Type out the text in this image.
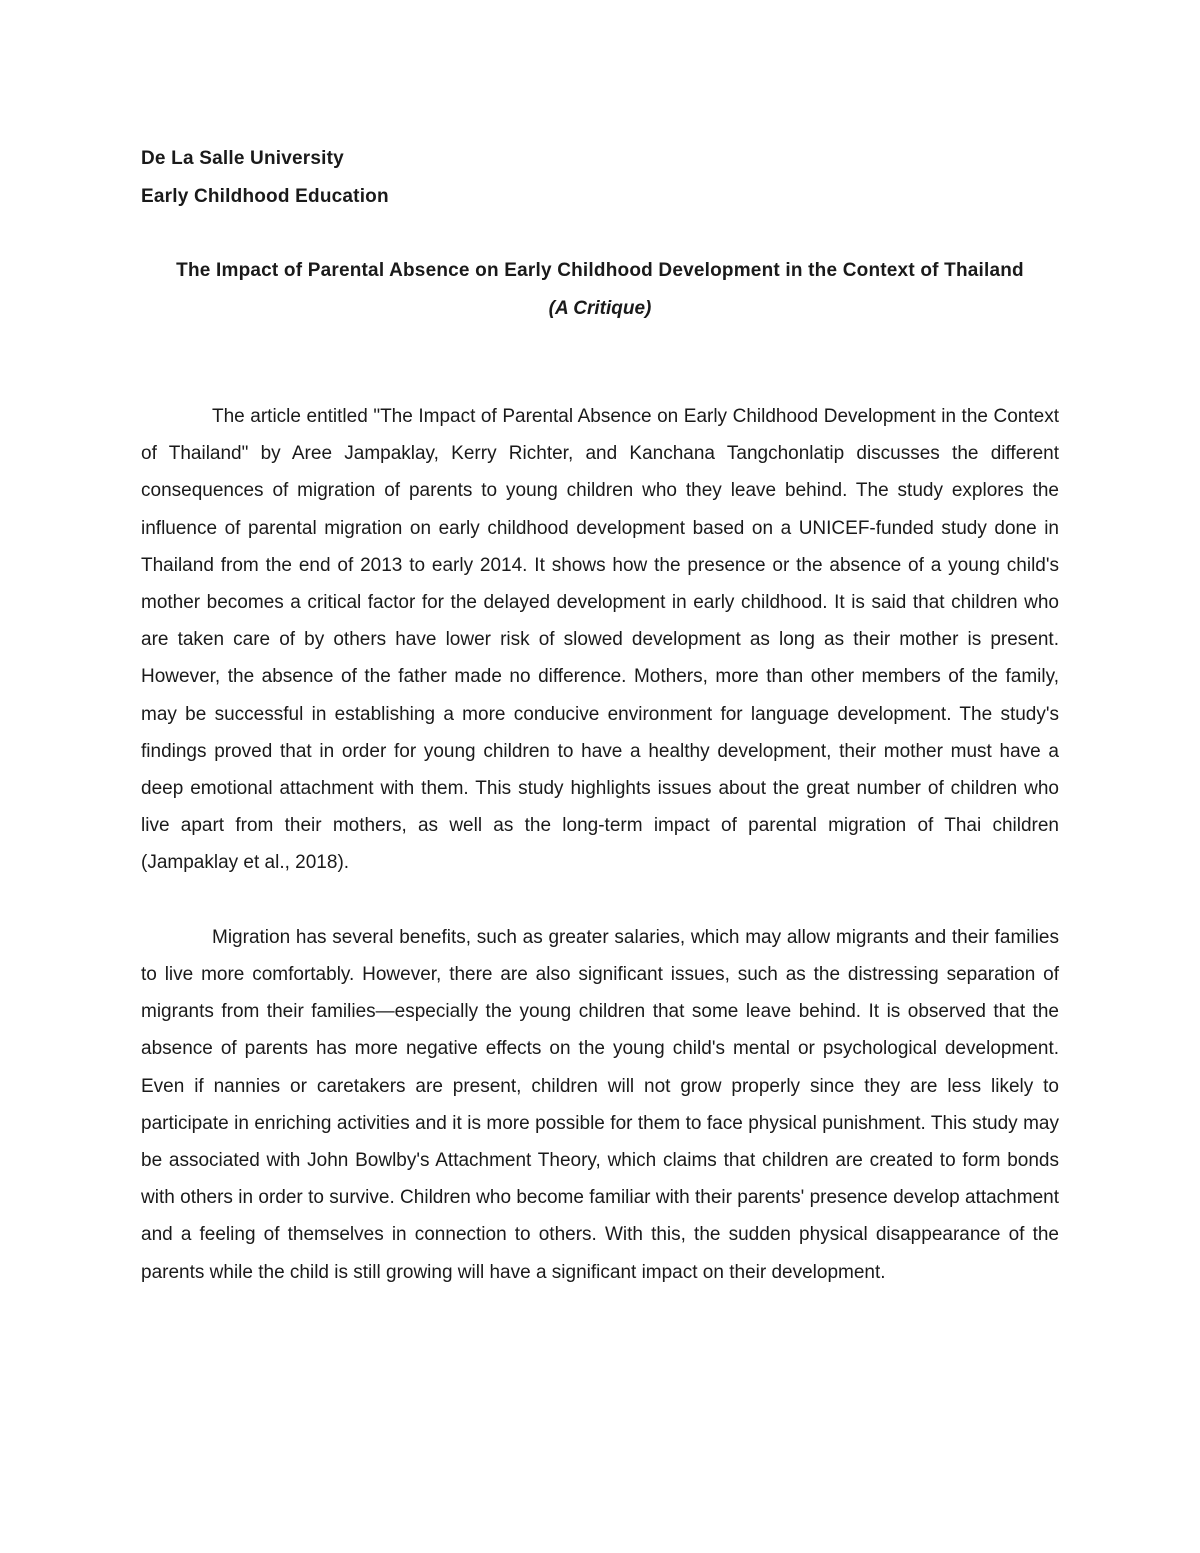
De La Salle University

Early Childhood Education

The Impact of Parental Absence on Early Childhood Development in the Context of Thailand

(A Critique)

The article entitled "The Impact of Parental Absence on Early Childhood Development in the Context of Thailand" by Aree Jampaklay, Kerry Richter, and Kanchana Tangchonlatip discusses the different consequences of migration of parents to young children who they leave behind. The study explores the influence of parental migration on early childhood development based on a UNICEF-funded study done in Thailand from the end of 2013 to early 2014. It shows how the presence or the absence of a young child's mother becomes a critical factor for the delayed development in early childhood. It is said that children who are taken care of by others have lower risk of slowed development as long as their mother is present. However, the absence of the father made no difference. Mothers, more than other members of the family, may be successful in establishing a more conducive environment for language development. The study's findings proved that in order for young children to have a healthy development, their mother must have a deep emotional attachment with them. This study highlights issues about the great number of children who live apart from their mothers, as well as the long-term impact of parental migration of Thai children (Jampaklay et al., 2018).

Migration has several benefits, such as greater salaries, which may allow migrants and their families to live more comfortably. However, there are also significant issues, such as the distressing separation of migrants from their families—especially the young children that some leave behind. It is observed that the absence of parents has more negative effects on the young child's mental or psychological development. Even if nannies or caretakers are present, children will not grow properly since they are less likely to participate in enriching activities and it is more possible for them to face physical punishment. This study may be associated with John Bowlby's Attachment Theory, which claims that children are created to form bonds with others in order to survive. Children who become familiar with their parents' presence develop attachment and a feeling of themselves in connection to others. With this, the sudden physical disappearance of the parents while the child is still growing will have a significant impact on their development.
